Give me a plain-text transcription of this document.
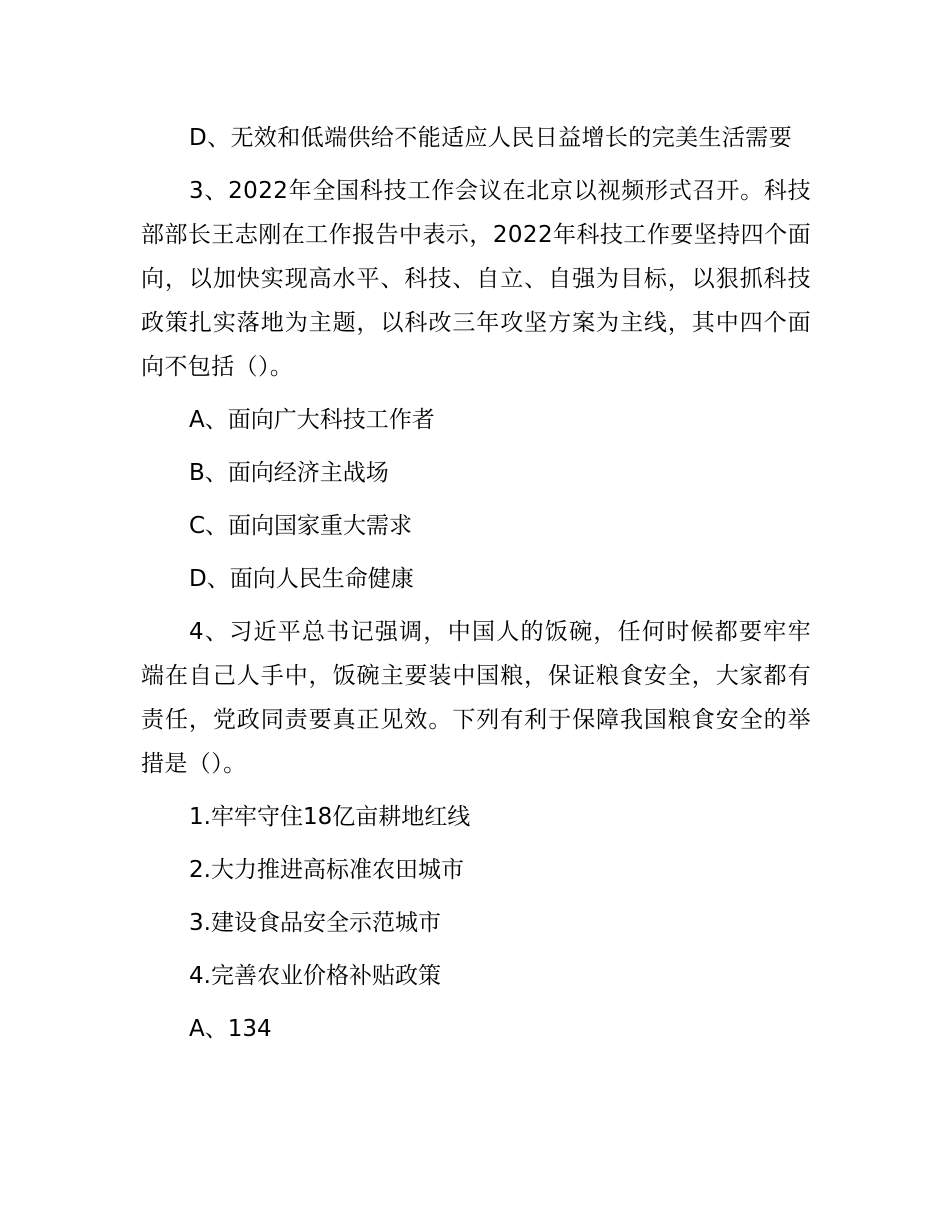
D、无效和低端供给不能适应人民日益增长的完美生活需要

3、2022年全国科技工作会议在北京以视频形式召开。科技部部长王志刚在工作报告中表示，2022年科技工作要坚持四个面向，以加快实现高水平、科技、自立、自强为目标，以狠抓科技政策扎实落地为主题，以科改三年攻坚方案为主线，其中四个面向不包括（）。

A、面向广大科技工作者

B、面向经济主战场

C、面向国家重大需求

D、面向人民生命健康

4、习近平总书记强调，中国人的饭碗，任何时候都要牢牢端在自己人手中，饭碗主要装中国粮，保证粮食安全，大家都有责任，党政同责要真正见效。下列有利于保障我国粮食安全的举措是（）。

1.牢牢守住18亿亩耕地红线

2.大力推进高标准农田城市

3.建设食品安全示范城市

4.完善农业价格补贴政策

A、134
